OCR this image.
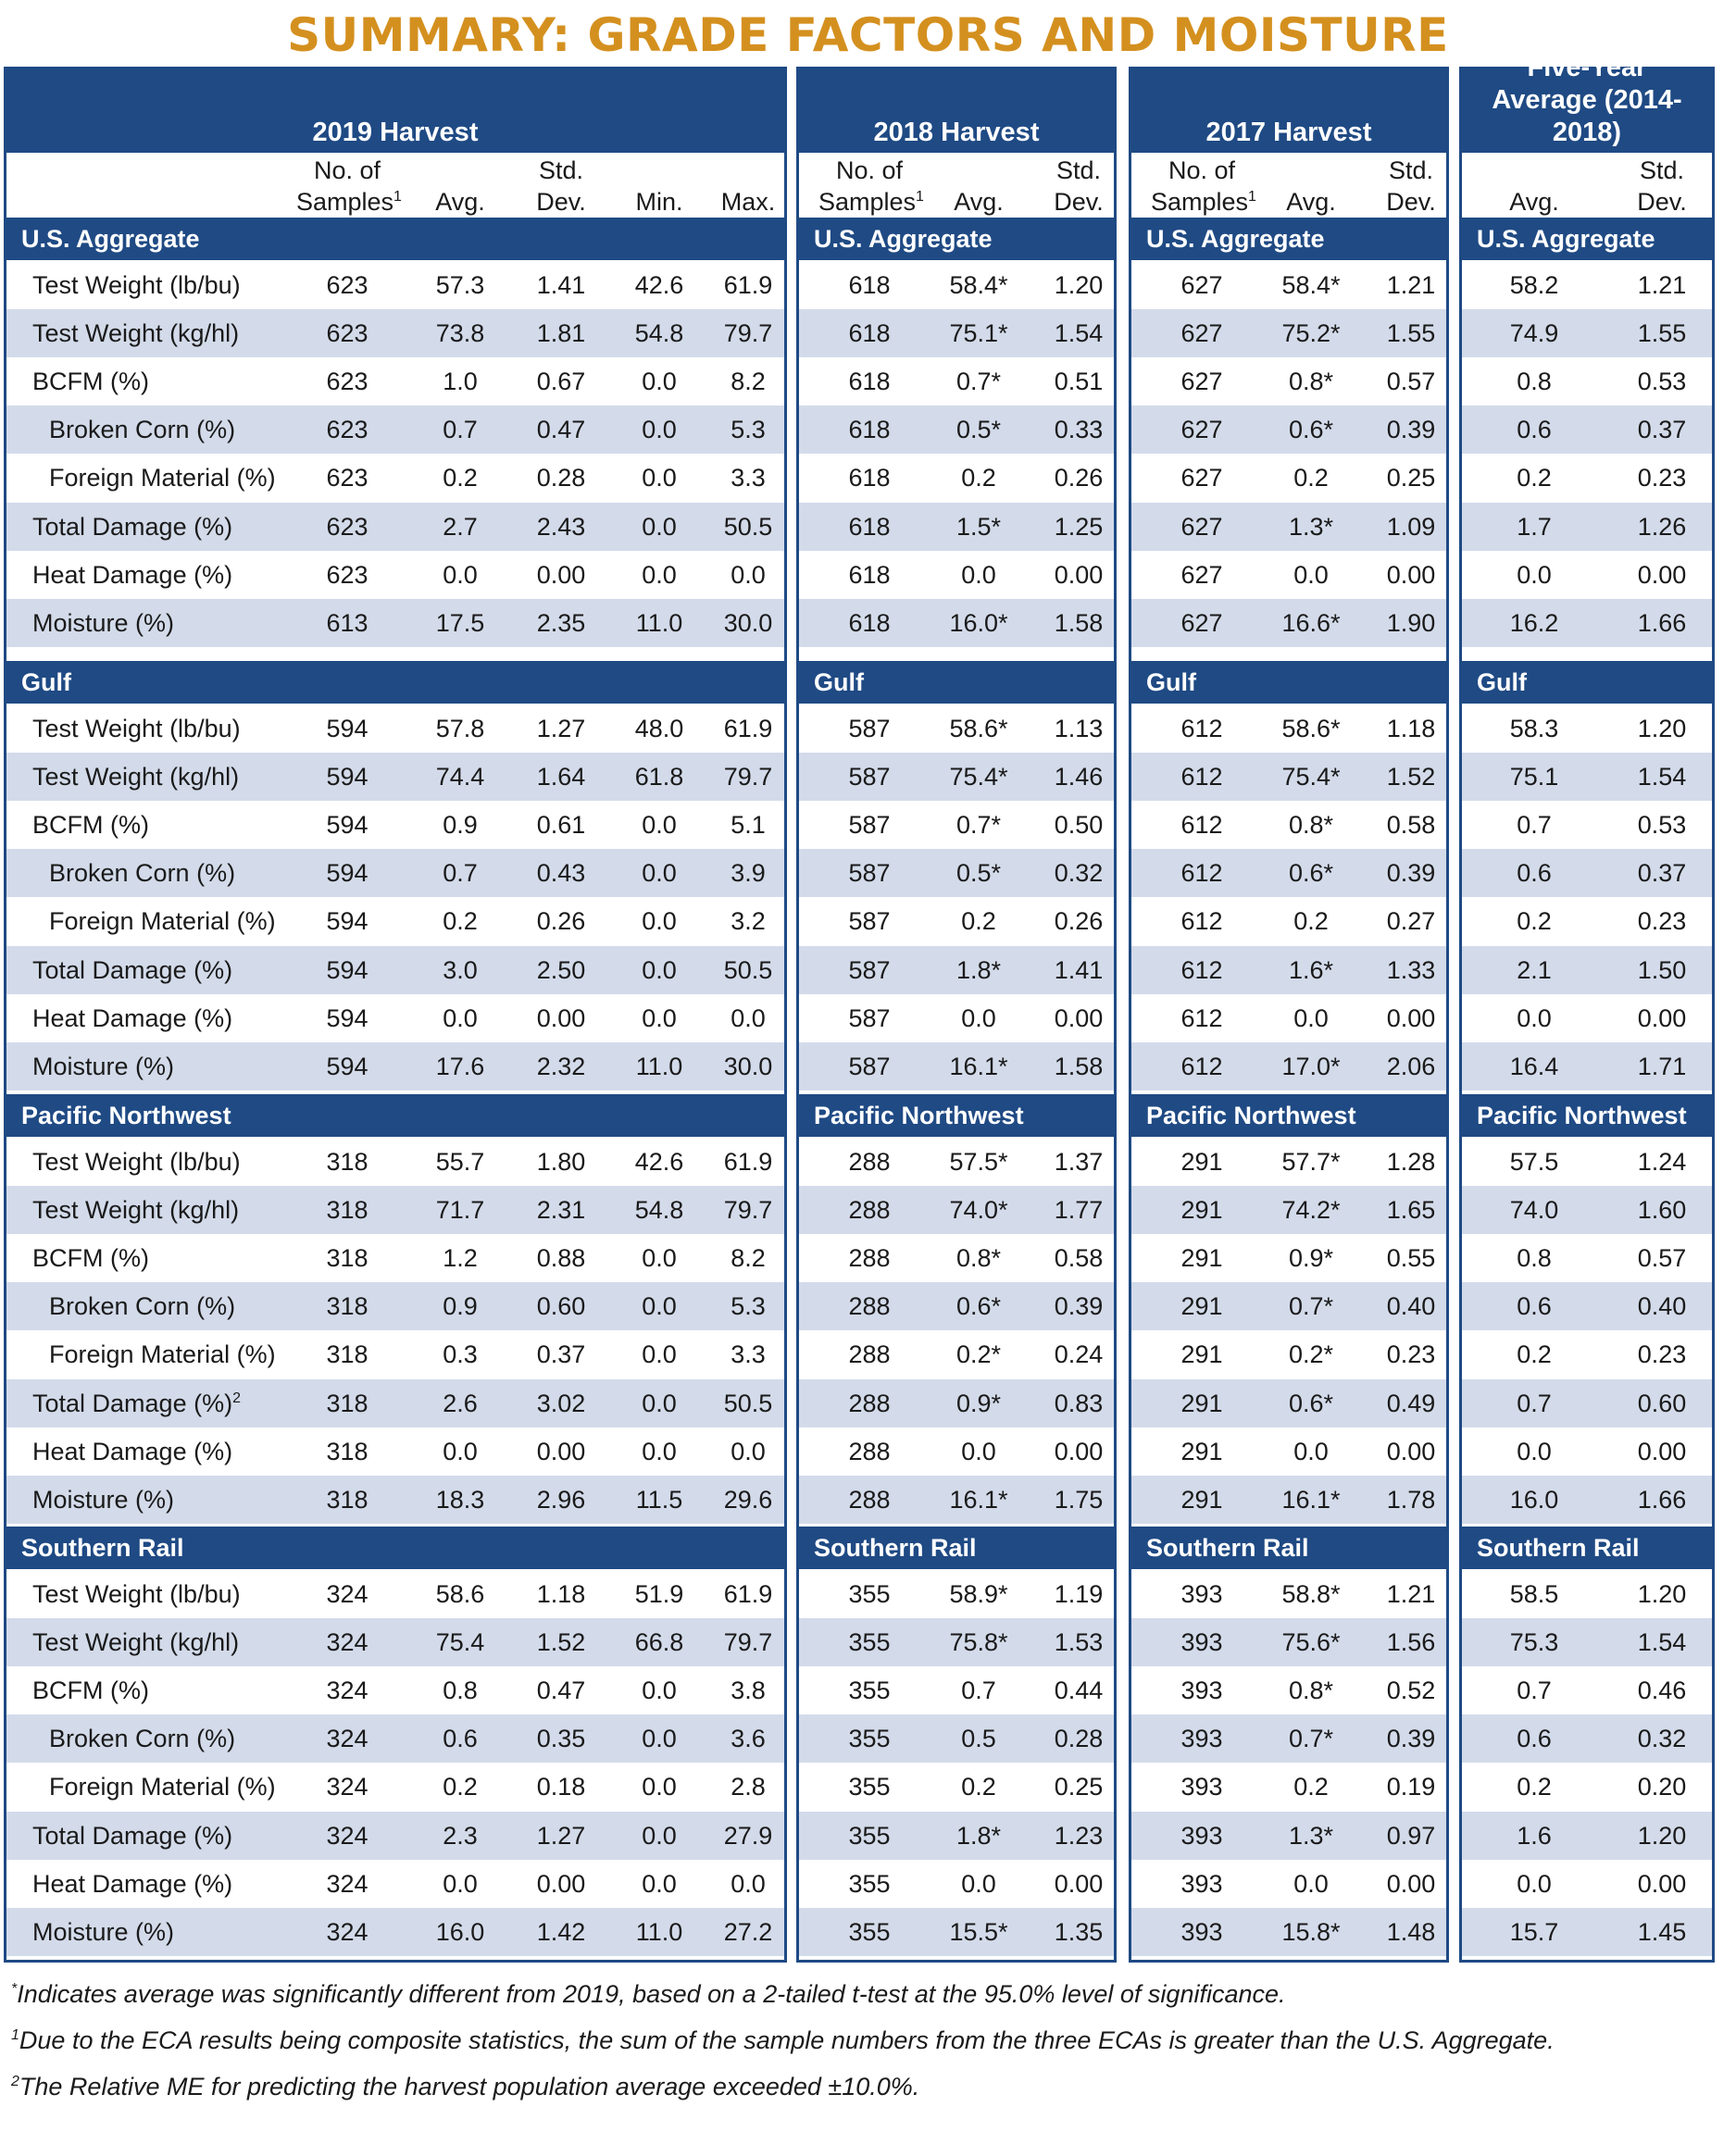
SUMMARY: GRADE FACTORS AND MOISTURE
2019 Harvest
No. of
Samples$^1$	Avg.
Std.
Dev.	Min.	Max.
U.S. Aggregate
Test Weight (lb/bu)	623	57.3	1.41	42.6	61.9
Test Weight (kg/hl)	623	73.8	1.81	54.8	79.7
BCFM (%)	623	1.0	0.67	0.0	8.2
Broken Corn (%)	623	0.7	0.47	0.0	5.3
Foreign Material (%)	623	0.2	0.28	0.0	3.3
Total Damage (%)	623	2.7	2.43	0.0	50.5
Heat Damage (%)	623	0.0	0.00	0.0	0.0
Moisture (%)	613	17.5	2.35	11.0	30.0
Gulf
Test Weight (lb/bu)	594	57.8	1.27	48.0	61.9
Test Weight (kg/hl)	594	74.4	1.64	61.8	79.7
BCFM (%)	594	0.9	0.61	0.0	5.1
Broken Corn (%)	594	0.7	0.43	0.0	3.9
Foreign Material (%)	594	0.2	0.26	0.0	3.2
Total Damage (%)	594	3.0	2.50	0.0	50.5
Heat Damage (%)	594	0.0	0.00	0.0	0.0
Moisture (%)	594	17.6	2.32	11.0	30.0
Pacific Northwest
Test Weight (lb/bu)	318	55.7	1.80	42.6	61.9
Test Weight (kg/hl)	318	71.7	2.31	54.8	79.7
BCFM (%)	318	1.2	0.88	0.0	8.2
Broken Corn (%)	318	0.9	0.60	0.0	5.3
Foreign Material (%)	318	0.3	0.37	0.0	3.3
Total Damage (%)$^2$	318	2.6	3.02	0.0	50.5
Heat Damage (%)	318	0.0	0.00	0.0	0.0
Moisture (%)	318	18.3	2.96	11.5	29.6
Southern Rail
Test Weight (lb/bu)	324	58.6	1.18	51.9	61.9
Test Weight (kg/hl)	324	75.4	1.52	66.8	79.7
BCFM (%)	324	0.8	0.47	0.0	3.8
Broken Corn (%)	324	0.6	0.35	0.0	3.6
Foreign Material (%)	324	0.2	0.18	0.0	2.8
Total Damage (%)	324	2.3	1.27	0.0	27.9
Heat Damage (%)	324	0.0	0.00	0.0	0.0
Moisture (%)	324	16.0	1.42	11.0	27.2
2018 Harvest
No. of
Samples$^1$	Avg.
Std.
Dev.
U.S. Aggregate
618	58.4*	1.20
618	75.1*	1.54
618	0.7*	0.51
618	0.5*	0.33
618	0.2	0.26
618	1.5*	1.25
618	0.0	0.00
618	16.0*	1.58
Gulf
587	58.6*	1.13
587	75.4*	1.46
587	0.7*	0.50
587	0.5*	0.32
587	0.2	0.26
587	1.8*	1.41
587	0.0	0.00
587	16.1*	1.58
Pacific Northwest
288	57.5*	1.37
288	74.0*	1.77
288	0.8*	0.58
288	0.6*	0.39
288	0.2*	0.24
288	0.9*	0.83
288	0.0	0.00
288	16.1*	1.75
Southern Rail
355	58.9*	1.19
355	75.8*	1.53
355	0.7	0.44
355	0.5	0.28
355	0.2	0.25
355	1.8*	1.23
355	0.0	0.00
355	15.5*	1.35
2017 Harvest
No. of
Samples$^1$	Avg.
Std.
Dev.
U.S. Aggregate
627	58.4*	1.21
627	75.2*	1.55
627	0.8*	0.57
627	0.6*	0.39
627	0.2	0.25
627	1.3*	1.09
627	0.0	0.00
627	16.6*	1.90
Gulf
612	58.6*	1.18
612	75.4*	1.52
612	0.8*	0.58
612	0.6*	0.39
612	0.2	0.27
612	1.6*	1.33
612	0.0	0.00
612	17.0*	2.06
Pacific Northwest
291	57.7*	1.28
291	74.2*	1.65
291	0.9*	0.55
291	0.7*	0.40
291	0.2*	0.23
291	0.6*	0.49
291	0.0	0.00
291	16.1*	1.78
Southern Rail
393	58.8*	1.21
393	75.6*	1.56
393	0.8*	0.52
393	0.7*	0.39
393	0.2	0.19
393	1.3*	0.97
393	0.0	0.00
393	15.8*	1.48
Five-Year Average (2014-2018)
Avg.
Std.
Dev.
U.S. Aggregate
58.2	1.21
74.9	1.55
0.8	0.53
0.6	0.37
0.2	0.23
1.7	1.26
0.0	0.00
16.2	1.66
Gulf
58.3	1.20
75.1	1.54
0.7	0.53
0.6	0.37
0.2	0.23
2.1	1.50
0.0	0.00
16.4	1.71
Pacific Northwest
57.5	1.24
74.0	1.60
0.8	0.57
0.6	0.40
0.2	0.23
0.7	0.60
0.0	0.00
16.0	1.66
Southern Rail
58.5	1.20
75.3	1.54
0.7	0.46
0.6	0.32
0.2	0.20
1.6	1.20
0.0	0.00
15.7	1.45
*Indicates average was significantly different from 2019, based on a 2-tailed t-test at the 95.0% level of significance.
$^1$Due to the ECA results being composite statistics, the sum of the sample numbers from the three ECAs is greater than the U.S. Aggregate.
$^2$The Relative ME for predicting the harvest population average exceeded ±10.0%.
